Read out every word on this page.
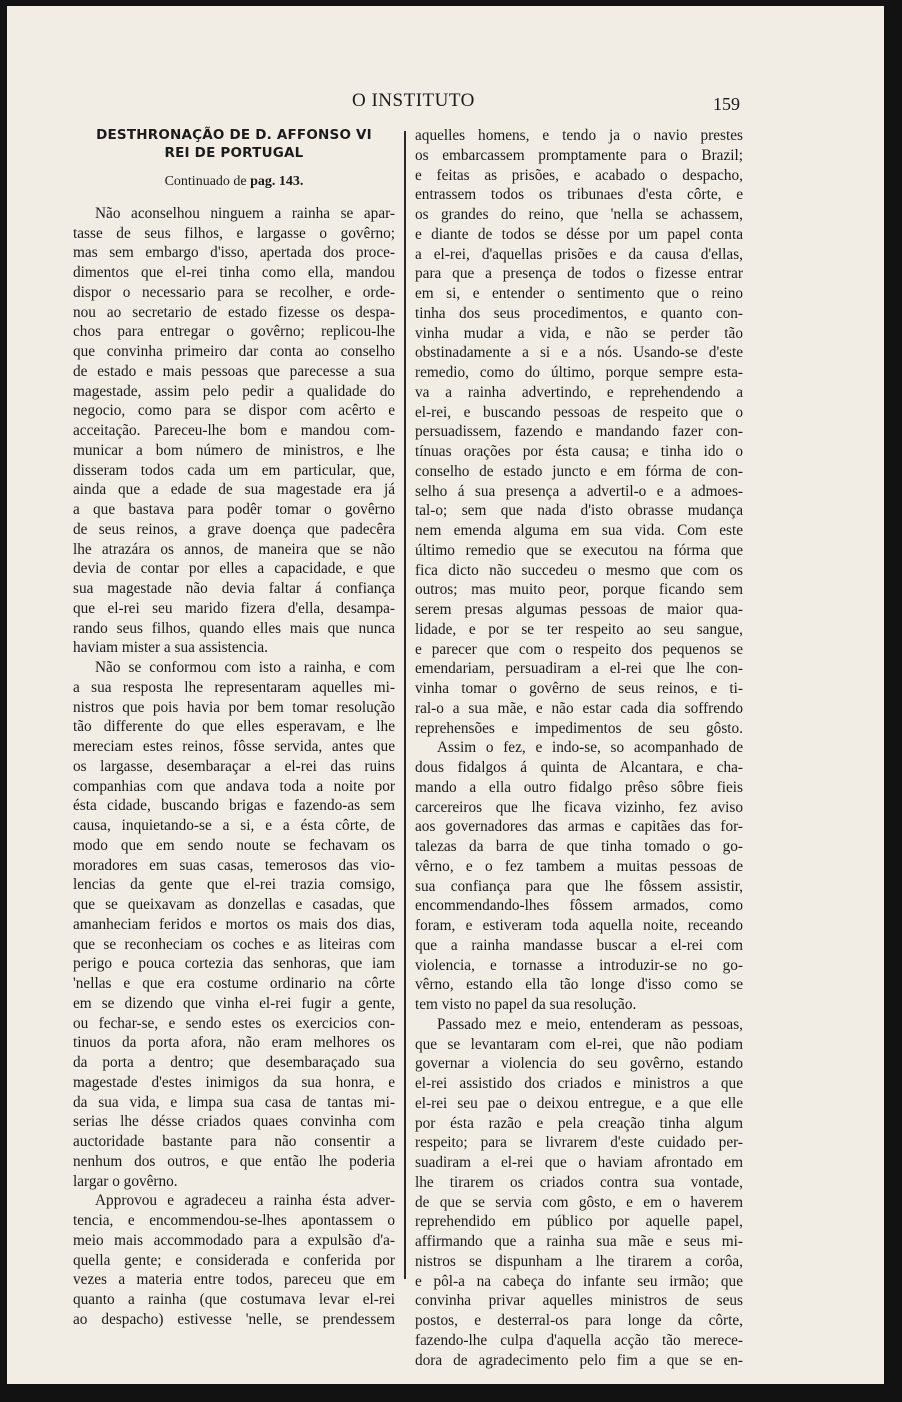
O INSTITUTO	159

DESTHRONAÇÃO DE D. AFFONSO VI

REI DE PORTUGAL

Continuado de pag. 143.

Não aconselhou ninguem a rainha se apar-
tasse de seus filhos, e largasse o govêrno;
mas sem embargo d'isso, apertada dos proce-
dimentos que el-rei tinha como ella, mandou
dispor o necessario para se recolher, e orde-
nou ao secretario de estado fizesse os despa-
chos para entregar o govêrno; replicou-lhe
que convinha primeiro dar conta ao conselho
de estado e mais pessoas que parecesse a sua
magestade, assim pelo pedir a qualidade do
negocio, como para se dispor com acêrto e
acceitação. Pareceu-lhe bom e mandou com-
municar a bom número de ministros, e lhe
disseram todos cada um em particular, que,
ainda que a edade de sua magestade era já
a que bastava para podêr tomar o govêrno
de seus reinos, a grave doença que padecêra
lhe atrazára os annos, de maneira que se não
devia de contar por elles a capacidade, e que
sua magestade não devia faltar á confiança
que el-rei seu marido fizera d'ella, desampa-
rando seus filhos, quando elles mais que nunca
haviam mister a sua assistencia.
Não se conformou com isto a rainha, e com
a sua resposta lhe representaram aquelles mi-
nistros que pois havia por bem tomar resolução
tão differente do que elles esperavam, e lhe
mereciam estes reinos, fôsse servida, antes que
os largasse, desembaraçar a el-rei das ruins
companhias com que andava toda a noite por
ésta cidade, buscando brigas e fazendo-as sem
causa, inquietando-se a si, e a ésta côrte, de
modo que em sendo noute se fechavam os
moradores em suas casas, temerosos das vio-
lencias da gente que el-rei trazia comsigo,
que se queixavam as donzellas e casadas, que
amanheciam feridos e mortos os mais dos dias,
que se reconheciam os coches e as liteiras com
perigo e pouca cortezia das senhoras, que iam
'nellas e que era costume ordinario na côrte
em se dizendo que vinha el-rei fugir a gente,
ou fechar-se, e sendo estes os exercicios con-
tinuos da porta afora, não eram melhores os
da porta a dentro; que desembaraçado sua
magestade d'estes inimigos da sua honra, e
da sua vida, e limpa sua casa de tantas mi-
serias lhe désse criados quaes convinha com
auctoridade bastante para não consentir a
nenhum dos outros, e que então lhe poderia
largar o govêrno.
Approvou e agradeceu a rainha ésta adver-
tencia, e encommendou-se-lhes apontassem o
meio mais accommodado para a expulsão d'a-
quella gente; e considerada e conferida por
vezes a materia entre todos, pareceu que em
quanto a rainha (que costumava levar el-rei
ao despacho) estivesse 'nelle, se prendessem
aquelles homens, e tendo ja o navio prestes
os embarcassem promptamente para o Brazil;
e feitas as prisões, e acabado o despacho,
entrassem todos os tribunaes d'esta côrte, e
os grandes do reino, que 'nella se achassem,
e diante de todos se désse por um papel conta
a el-rei, d'aquellas prisões e da causa d'ellas,
para que a presença de todos o fizesse entrar
em si, e entender o sentimento que o reino
tinha dos seus procedimentos, e quanto con-
vinha mudar a vida, e não se perder tão
obstinadamente a si e a nós. Usando-se d'este
remedio, como do último, porque sempre esta-
va a rainha advertindo, e reprehendendo a
el-rei, e buscando pessoas de respeito que o
persuadissem, fazendo e mandando fazer con-
tínuas orações por ésta causa; e tinha ido o
conselho de estado juncto e em fórma de con-
selho á sua presença a advertil-o e a admoes-
tal-o; sem que nada d'isto obrasse mudança
nem emenda alguma em sua vida. Com este
último remedio que se executou na fórma que
fica dicto não succedeu o mesmo que com os
outros; mas muito peor, porque ficando sem
serem presas algumas pessoas de maior qua-
lidade, e por se ter respeito ao seu sangue,
e parecer que com o respeito dos pequenos se
emendariam, persuadiram a el-rei que lhe con-
vinha tomar o govêrno de seus reinos, e ti-
ral-o a sua mãe, e não estar cada dia soffrendo
reprehensões e impedimentos de seu gôsto.
Assim o fez, e indo-se, so acompanhado de
dous fidalgos á quinta de Alcantara, e cha-
mando a ella outro fidalgo prêso sôbre fieis
carcereiros que lhe ficava vizinho, fez aviso
aos governadores das armas e capitães das for-
talezas da barra de que tinha tomado o go-
vêrno, e o fez tambem a muitas pessoas de
sua confiança para que lhe fôssem assistir,
encommendando-lhes fôssem armados, como
foram, e estiveram toda aquella noite, receando
que a rainha mandasse buscar a el-rei com
violencia, e tornasse a introduzir-se no go-
vêrno, estando ella tão longe d'isso como se
tem visto no papel da sua resolução.
Passado mez e meio, entenderam as pessoas,
que se levantaram com el-rei, que não podiam
governar a violencia do seu govêrno, estando
el-rei assistido dos criados e ministros a que
el-rei seu pae o deixou entregue, e a que elle
por ésta razão e pela creação tinha algum
respeito; para se livrarem d'este cuidado per-
suadiram a el-rei que o haviam afrontado em
lhe tirarem os criados contra sua vontade,
de que se servia com gôsto, e em o haverem
reprehendido em público por aquelle papel,
affirmando que a rainha sua mãe e seus mi-
nistros se dispunham a lhe tirarem a corôa,
e pôl-a na cabeça do infante seu irmão; que
convinha privar aquelles ministros de seus
postos, e desterral-os para longe da côrte,
fazendo-lhe culpa d'aquella acção tão merece-
dora de agradecimento pelo fim a que se en-
